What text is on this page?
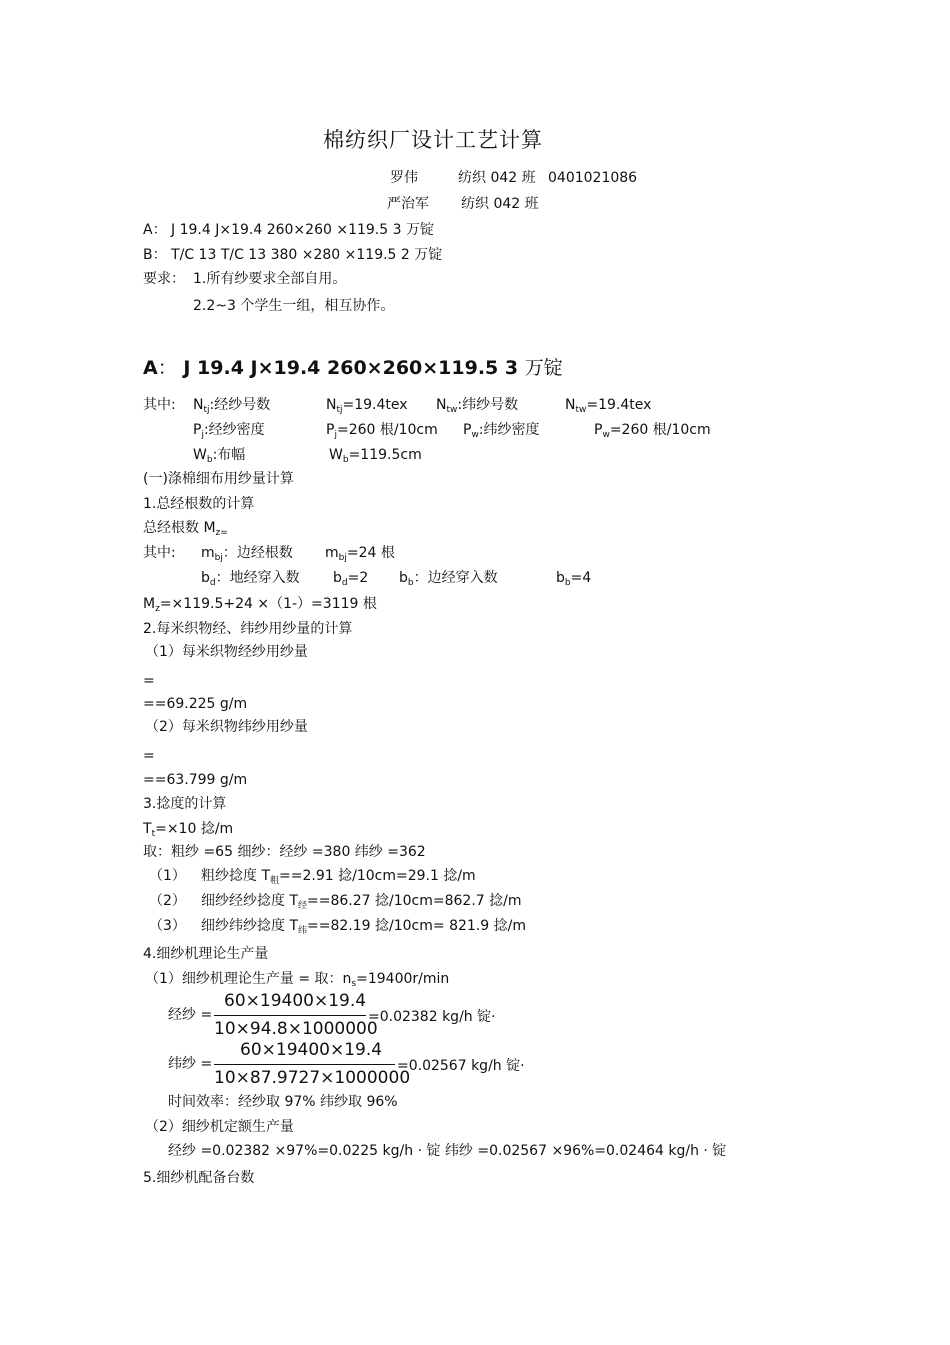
棉纺织厂设计工艺计算
罗伟	纺织 042 班 0401021086
严治军 纺织 042 班
A： J 19.4 J×19.4 260×260 ×119.5 3 万锭
B： T/C 13 T/C 13 380 ×280 ×119.5 2 万锭
要求： 1.所有纱要求全部自用。
2.2~3 个学生一组，相互协作。
A： J 19.4 J×19.4 260×260×119.5 3 万锭
其中: $N_{tj}$:经纱号数	$N_{tj}=19.4tex$ $N_{tw}$:纬纱号数	$N_{tw}=19.4tex$
$P_j$:经纱密度	$P_j=260$ 根/10cm $P_w$:纬纱密度	$P_w=260$ 根/10cm
$W_b$:布幅	$W_b=119.5cm$
(一)涤棉细布用纱量计算
1.总经根数的计算
总经根数 $M_{z=}$
其中: $m_{bj}$：边经根数 $m_{bj}=24$ 根
$b_d$：地经穿入数 $b_d=2$ $b_b$：边经穿入数	$b_b=4$
$M_z=\times 119.5+24 \times(1-)=3119$ 根
2.每米织物经、纬纱用纱量的计算
（1）每米织物经纱用纱量
=
==69.225 g/m
（2）每米织物纬纱用纱量
=
==63.799 g/m
3.捻度的计算
$T_t=\times 10$ 捻/m
取：粗纱 =65 细纱：经纱 =380 纬纱 =362
（1） 粗纱捻度 $T_粗==2.91$ 捻/10cm=29.1 捻/m
（2） 细纱经纱捻度 $T_经==86.27$ 捻/10cm=862.7 捻/m
（3） 细纱纬纱捻度 $T_纬==82.19$ 捻/10cm= 821.9 捻/m
4.细纱机理论生产量
（1）细纱机理论生产量 = 取：$n_s=19400r/\min$
经纱 =
60×19400×19.4
10×94.8×1000000
=0.02382 kg/h 锭·
纬纱 =
60×19400×19.4
10×87.9727×1000000
=0.02567 kg/h 锭·
时间效率：经纱取 97% 纬纱取 96%
（2）细纱机定额生产量
经纱 =0.02382 ×97%=0.0225 kg/h · 锭 纬纱 =0.02567 ×96%=0.02464 kg/h · 锭
5.细纱机配备台数
